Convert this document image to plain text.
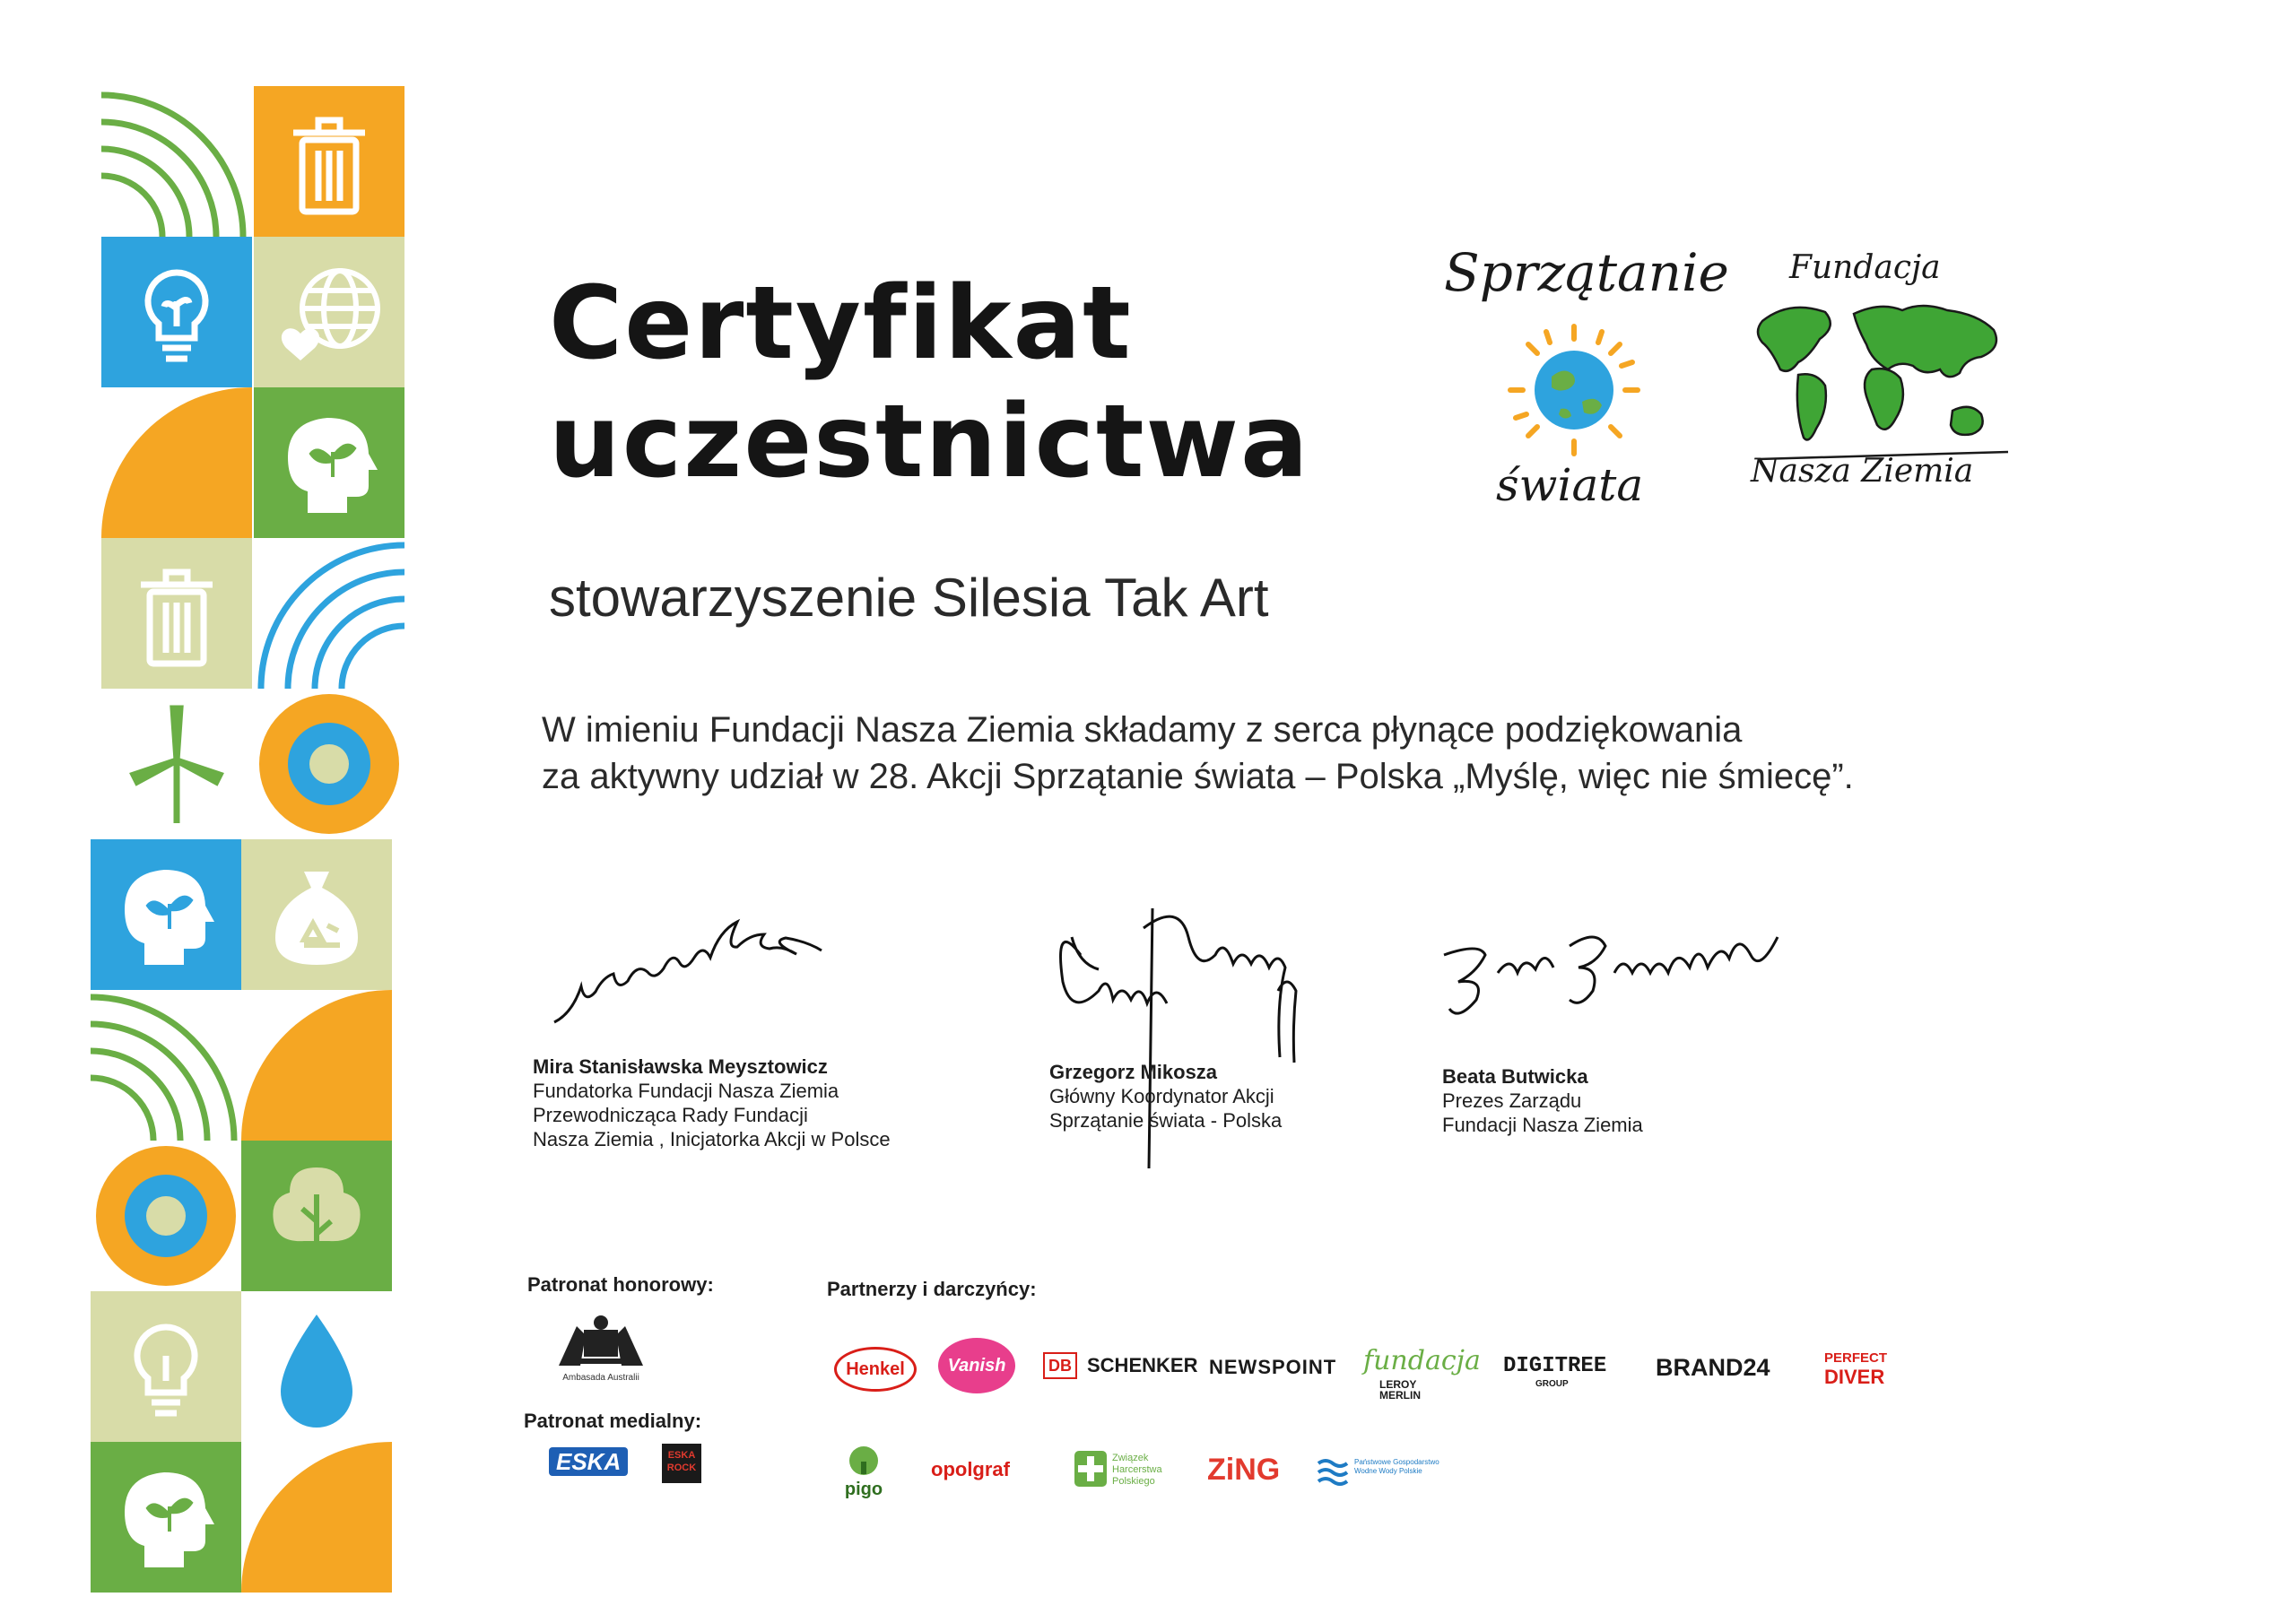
Certyfikat
uczestnictwa
stowarzyszenie Silesia Tak Art
W imieniu Fundacji Nasza Ziemia składamy z serca płynące podziękowania
za aktywny udział w 28. Akcji Sprzątanie świata – Polska „Myślę, więc nie śmiecę”.
Sprzątanie
świata
Fundacja
Nasza Ziemia
Mira Stanisławska Meysztowicz
Fundatorka Fundacji Nasza Ziemia
Przewodnicząca Rady Fundacji
Nasza Ziemia , Inicjatorka Akcji w Polsce
Grzegorz Mikosza
Główny Koordynator Akcji
Sprzątanie świata - Polska
Beata Butwicka
Prezes Zarządu
Fundacji Nasza Ziemia
Patronat honorowy:
Ambasada Australii
Patronat medialny:
ESKA	ESKA ROCK
Partnerzy i darczyńcy:
Henkel	Vanish	DB SCHENKER NEWSPOINT fundacja
LEROY MERLIN
DIGITREE
GROUP
BRAND24	PERFECT
DIVER
pigo
opolgraf	Związek Harcerstwa Polskiego	ZiNG	Państwowe Gospodarstwo Wodne Wody Polskie
